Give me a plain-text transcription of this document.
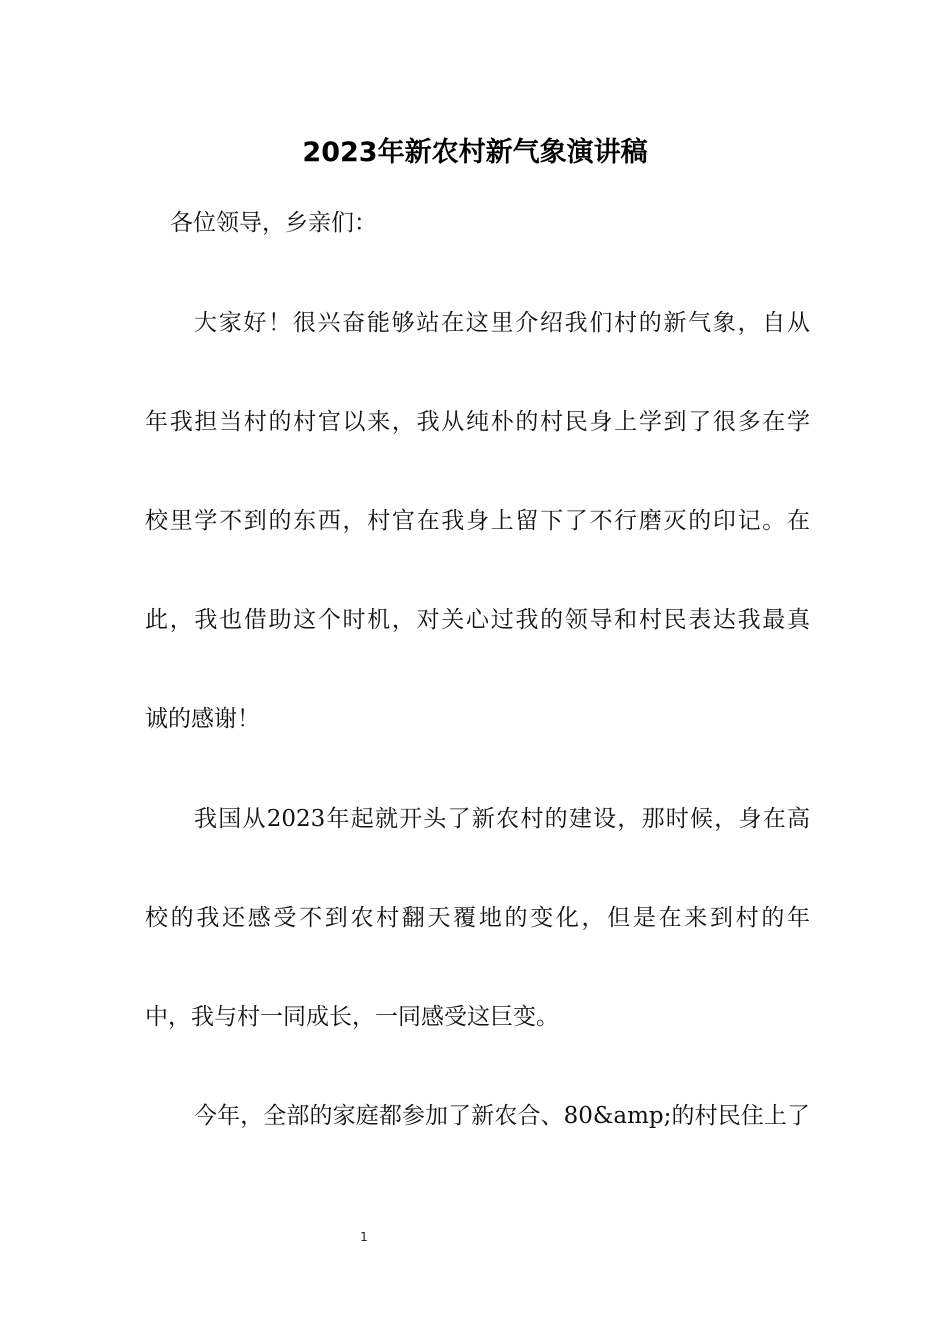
2023年新农村新气象演讲稿
各位领导，乡亲们：
大家好！很兴奋能够站在这里介绍我们村的新气象，自从
年我担当村的村官以来，我从纯朴的村民身上学到了很多在学
校里学不到的东西，村官在我身上留下了不行磨灭的印记。在
此，我也借助这个时机，对关心过我的领导和村民表达我最真
诚的感谢！
我国从2023年起就开头了新农村的建设，那时候，身在高
校的我还感受不到农村翻天覆地的变化，但是在来到村的年
中，我与村一同成长，一同感受这巨变。
今年，全部的家庭都参加了新农合、80&amp;的村民住上了
1
